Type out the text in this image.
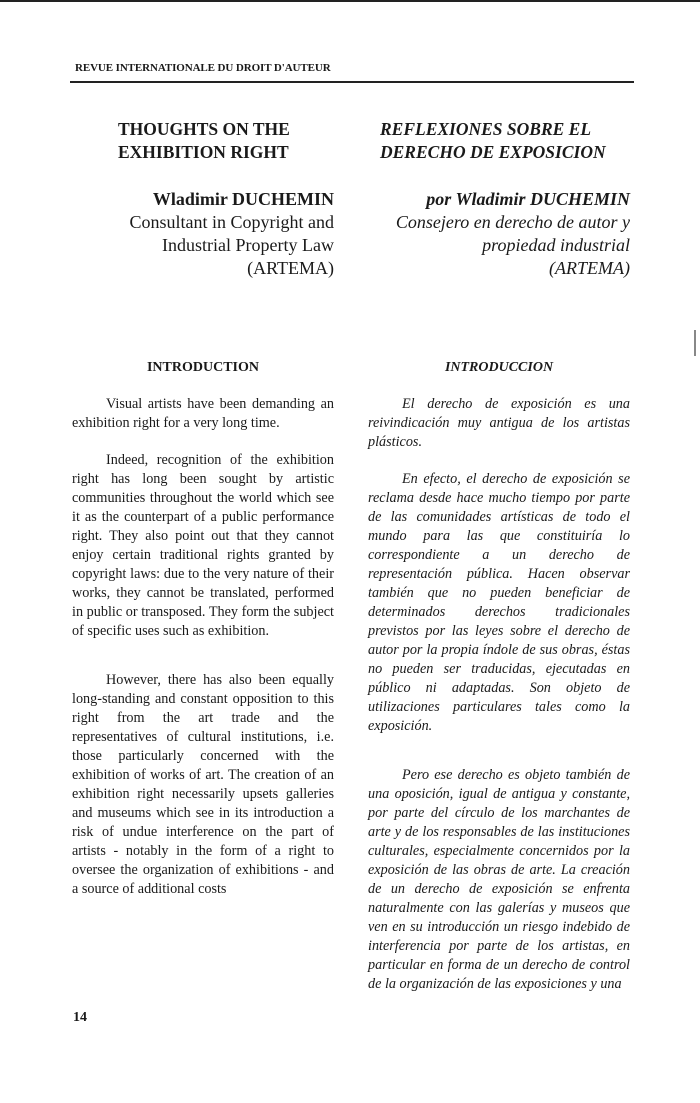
REVUE INTERNATIONALE DU DROIT D'AUTEUR
THOUGHTS ON THE
EXHIBITION RIGHT
Wladimir DUCHEMIN
Consultant in Copyright and
Industrial Property Law
(ARTEMA)
REFLEXIONES SOBRE EL
DERECHO DE EXPOSICION
por Wladimir DUCHEMIN
Consejero en derecho de autor y
propiedad industrial
(ARTEMA)
INTRODUCTION	INTRODUCCION

Visual artists have been demanding an exhibition right for a very long time.

Indeed, recognition of the exhibition right has long been sought by artistic communities throughout the world which see it as the counterpart of a public performance right. They also point out that they cannot enjoy certain traditional rights granted by copyright laws: due to the very nature of their works, they cannot be translated, performed in public or transposed. They form the subject of specific uses such as exhibition.

However, there has also been equally long-standing and constant opposition to this right from the art trade and the representatives of cultural institutions, i.e. those particularly concerned with the exhibition of works of art. The creation of an exhibition right necessarily upsets galleries and museums which see in its introduction a risk of undue interference on the part of artists - notably in the form of a right to oversee the organization of exhibitions - and a source of additional costs

El derecho de exposición es una reivindicación muy antigua de los artistas plásticos.

En efecto, el derecho de exposición se reclama desde hace mucho tiempo por parte de las comunidades artísticas de todo el mundo para las que constituiría lo correspondiente a un derecho de representación pública. Hacen observar también que no pueden beneficiar de determinados derechos tradicionales previstos por las leyes sobre el derecho de autor por la propia índole de sus obras, éstas no pueden ser traducidas, ejecutadas en público ni adaptadas. Son objeto de utilizaciones particulares tales como la exposición.

Pero ese derecho es objeto también de una oposición, igual de antigua y constante, por parte del círculo de los marchantes de arte y de los responsables de las instituciones culturales, especialmente concernidos por la exposición de las obras de arte. La creación de un derecho de exposición se enfrenta naturalmente con las galerías y museos que ven en su introducción un riesgo indebido de interferencia por parte de los artistas, en particular en forma de un derecho de control de la organización de las exposiciones y una

14
